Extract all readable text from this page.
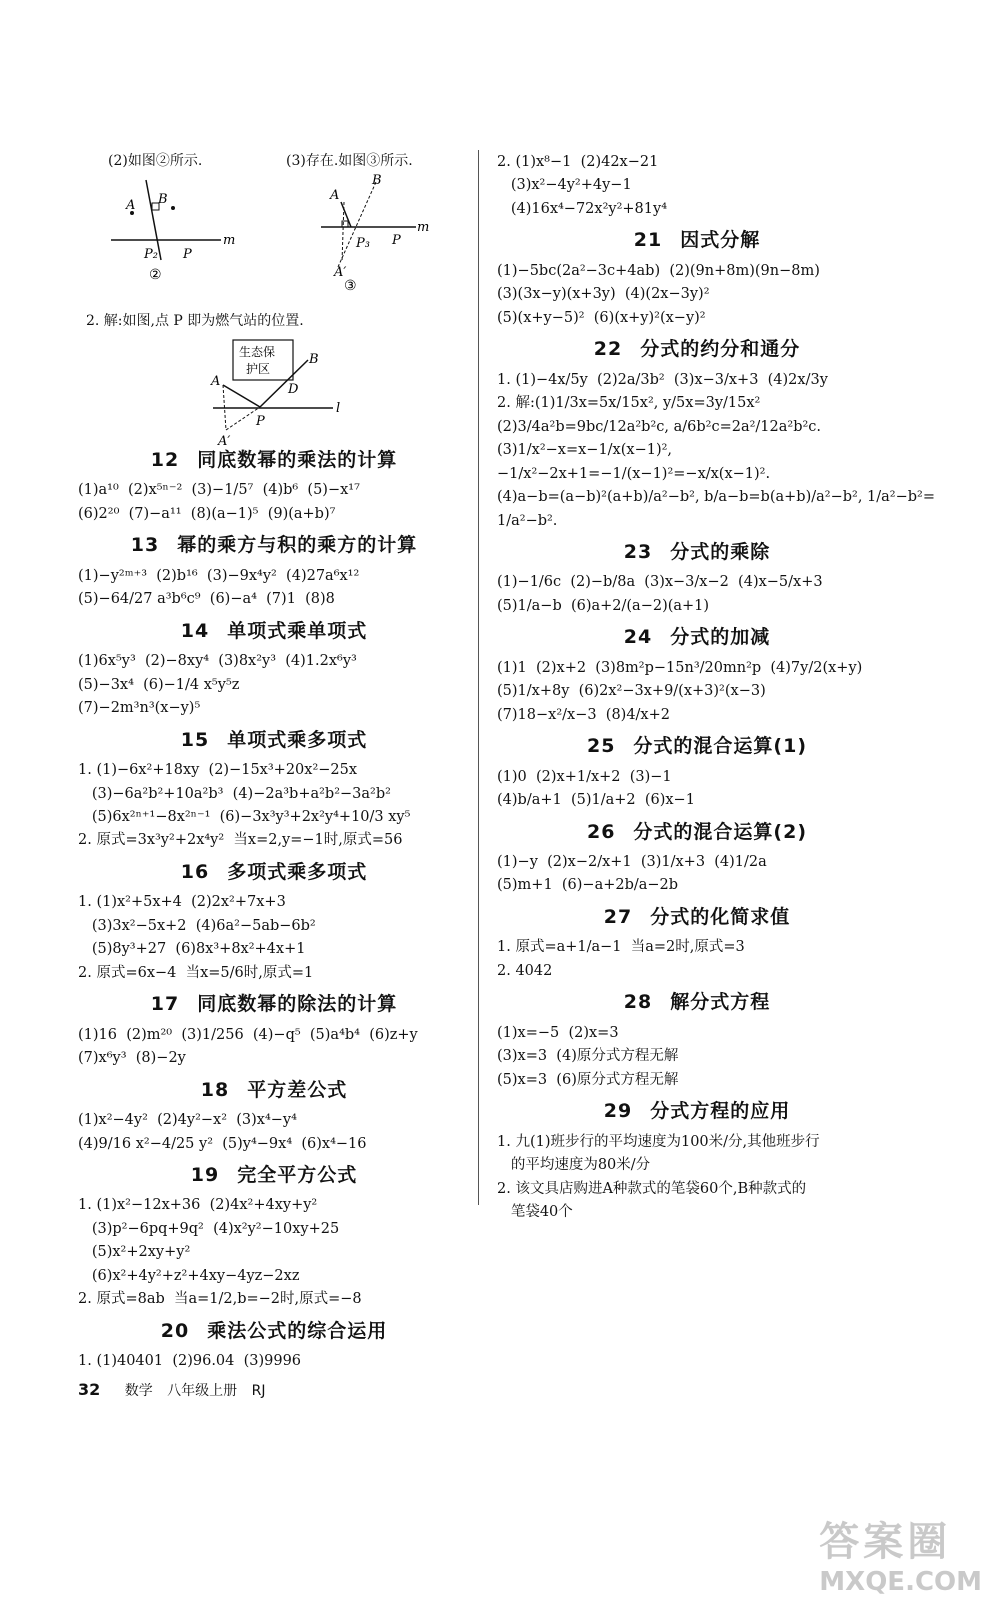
(2)如图②所示.	(3)存在.如图③所示.
A B
P₂ P
m
②
A
B
P₃ P
m
A′
③
2. 解:如图,点 P 即为燃气站的位置.
生态保
护区
A
B
D
P
l
A′
12 同底数幂的乘法的计算
(1)a¹⁰  (2)x⁵ⁿ⁻²  (3)−1/5⁷  (4)b⁶  (5)−x¹⁷
(6)2²⁰  (7)−a¹¹  (8)(a−1)⁵  (9)(a+b)⁷
13 幂的乘方与积的乘方的计算
(1)−y²ᵐ⁺³  (2)b¹⁶  (3)−9x⁴y²  (4)27a⁶x¹²
(5)−64/27 a³b⁶c⁹  (6)−a⁴  (7)1  (8)8
14 单项式乘单项式
(1)6x⁵y³  (2)−8xy⁴  (3)8x²y³  (4)1.2x⁶y³
(5)−3x⁴  (6)−1/4 x⁵y⁵z
(7)−2m³n³(x−y)⁵
15 单项式乘多项式
1. (1)−6x²+18xy  (2)−15x³+20x²−25x
(3)−6a²b²+10a²b³  (4)−2a³b+a²b²−3a²b²
(5)6x²ⁿ⁺¹−8x²ⁿ⁻¹  (6)−3x³y³+2x²y⁴+10/3 xy⁵
2. 原式=3x³y²+2x⁴y²  当x=2,y=−1时,原式=56
16 多项式乘多项式
1. (1)x²+5x+4  (2)2x²+7x+3
(3)3x²−5x+2  (4)6a²−5ab−6b²
(5)8y³+27  (6)8x³+8x²+4x+1
2. 原式=6x−4  当x=5/6时,原式=1
17 同底数幂的除法的计算
(1)16  (2)m²⁰  (3)1/256  (4)−q⁵  (5)a⁴b⁴  (6)z+y
(7)x⁶y³  (8)−2y
18 平方差公式
(1)x²−4y²  (2)4y²−x²  (3)x⁴−y⁴
(4)9/16 x²−4/25 y²  (5)y⁴−9x⁴  (6)x⁴−16
19 完全平方公式
1. (1)x²−12x+36  (2)4x²+4xy+y²
(3)p²−6pq+9q²  (4)x²y²−10xy+25
(5)x²+2xy+y²
(6)x²+4y²+z²+4xy−4yz−2xz
2. 原式=8ab  当a=1/2,b=−2时,原式=−8
20 乘法公式的综合运用
1. (1)40401  (2)96.04  (3)9996
2. (1)x⁸−1  (2)42x−21
(3)x²−4y²+4y−1
(4)16x⁴−72x²y²+81y⁴
21 因式分解
(1)−5bc(2a²−3c+4ab)  (2)(9n+8m)(9n−8m)
(3)(3x−y)(x+3y)  (4)(2x−3y)²
(5)(x+y−5)²  (6)(x+y)²(x−y)²
22 分式的约分和通分
1. (1)−4x/5y  (2)2a/3b²  (3)x−3/x+3  (4)2x/3y
2. 解:(1)1/3x=5x/15x², y/5x=3y/15x²
(2)3/4a²b=9bc/12a²b²c, a/6b²c=2a²/12a²b²c.
(3)1/x²−x=x−1/x(x−1)²,
−1/x²−2x+1=−1/(x−1)²=−x/x(x−1)².
(4)a−b=(a−b)²(a+b)/a²−b², b/a−b=b(a+b)/a²−b², 1/a²−b²=
1/a²−b².
23 分式的乘除
(1)−1/6c  (2)−b/8a  (3)x−3/x−2  (4)x−5/x+3
(5)1/a−b  (6)a+2/(a−2)(a+1)
24 分式的加减
(1)1  (2)x+2  (3)8m²p−15n³/20mn²p  (4)7y/2(x+y)
(5)1/x+8y  (6)2x²−3x+9/(x+3)²(x−3)
(7)18−x²/x−3  (8)4/x+2
25 分式的混合运算(1)
(1)0  (2)x+1/x+2  (3)−1
(4)b/a+1  (5)1/a+2  (6)x−1
26 分式的混合运算(2)
(1)−y  (2)x−2/x+1  (3)1/x+3  (4)1/2a
(5)m+1  (6)−a+2b/a−2b
27 分式的化简求值
1. 原式=a+1/a−1  当a=2时,原式=3
2. 4042
28 解分式方程
(1)x=−5  (2)x=3
(3)x=3  (4)原分式方程无解
(5)x=3  (6)原分式方程无解
29 分式方程的应用
1. 九(1)班步行的平均速度为100米/分,其他班步行
的平均速度为80米/分
2. 该文具店购进A种款式的笔袋60个,B种款式的
笔袋40个
32 数学 八年级上册 RJ
答案圈
MXQE.COM
